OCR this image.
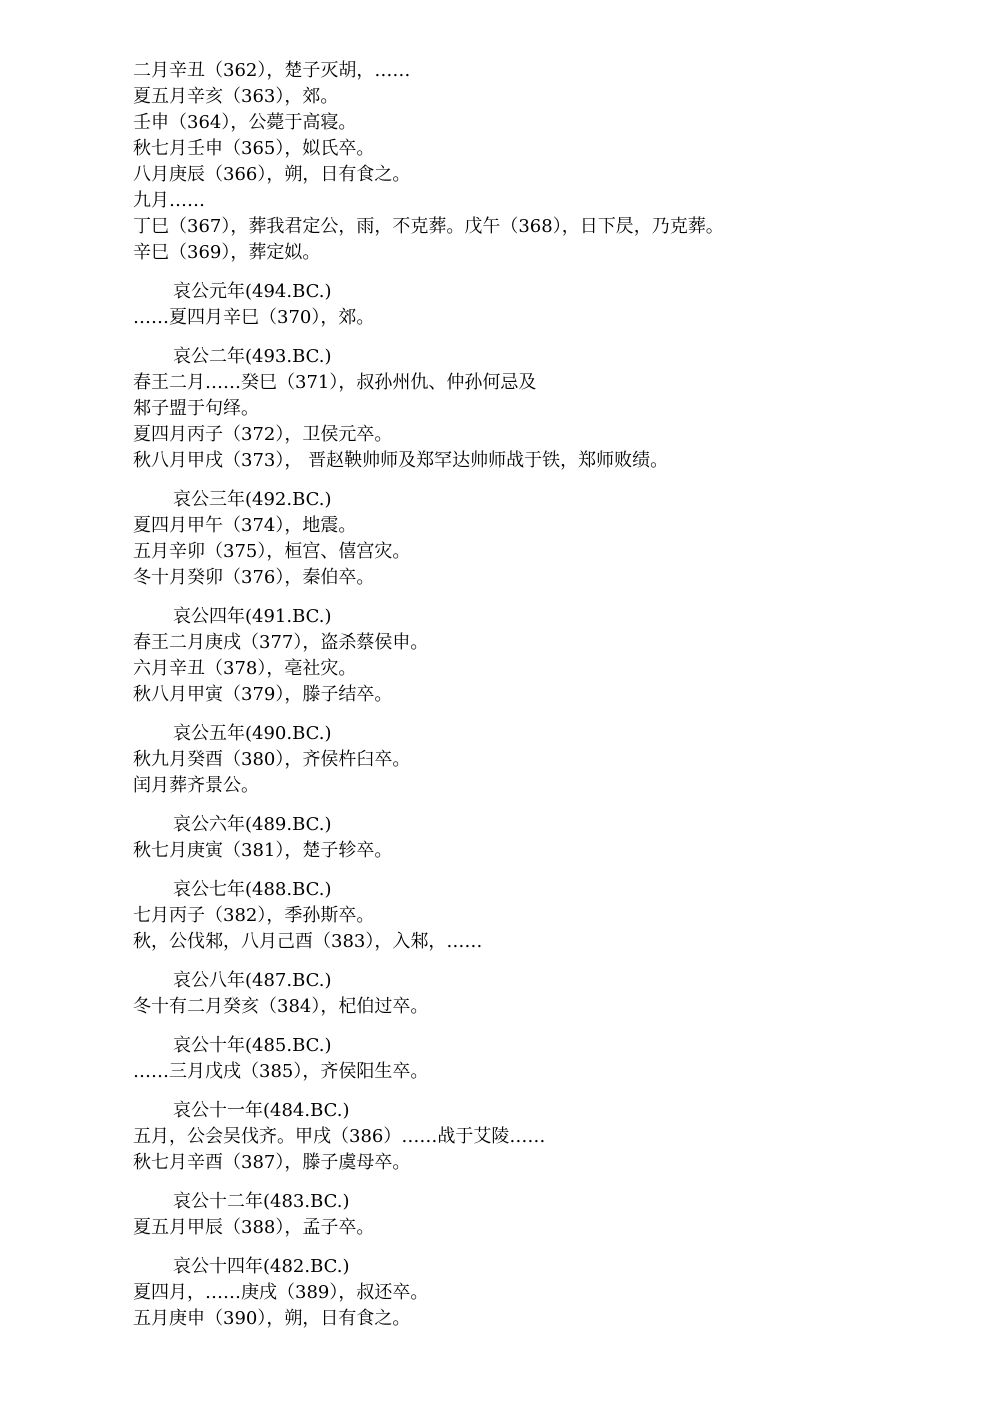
二月辛丑（362），楚子灭胡，……
夏五月辛亥（363），郊。
壬申（364），公薨于高寝。
秋七月壬申（365），姒氏卒。
八月庚辰（366），朔，日有食之。
九月……
丁巳（367），葬我君定公，雨，不克葬。戊午（368），日下昃，乃克葬。
辛巳（369），葬定姒。
哀公元年(494.BC.)
……夏四月辛巳（370），郊。
哀公二年(493.BC.)
春王二月……癸巳（371），叔孙州仇、仲孙何忌及
邾子盟于句绎。
夏四月丙子（372），卫侯元卒。
秋八月甲戌（373）， 晋赵鞅帅师及郑罕达帅师战于铁，郑师败绩。
哀公三年(492.BC.)
夏四月甲午（374），地震。
五月辛卯（375），桓宫、僖宫灾。
冬十月癸卯（376），秦伯卒。
哀公四年(491.BC.)
春王二月庚戌（377），盗杀蔡侯申。
六月辛丑（378），亳社灾。
秋八月甲寅（379），滕子结卒。
哀公五年(490.BC.)
秋九月癸酉（380），齐侯杵臼卒。
闰月葬齐景公。
哀公六年(489.BC.)
秋七月庚寅（381），楚子轸卒。
哀公七年(488.BC.)
七月丙子（382），季孙斯卒。
秋，公伐邾，八月己酉（383），入邾，……
哀公八年(487.BC.)
冬十有二月癸亥（384），杞伯过卒。
哀公十年(485.BC.)
……三月戊戌（385），齐侯阳生卒。
哀公十一年(484.BC.)
五月，公会吴伐齐。甲戌（386）……战于艾陵……
秋七月辛酉（387），滕子虞母卒。
哀公十二年(483.BC.)
夏五月甲辰（388），孟子卒。
哀公十四年(482.BC.)
夏四月，……庚戌（389），叔还卒。
五月庚申（390），朔，日有食之。
